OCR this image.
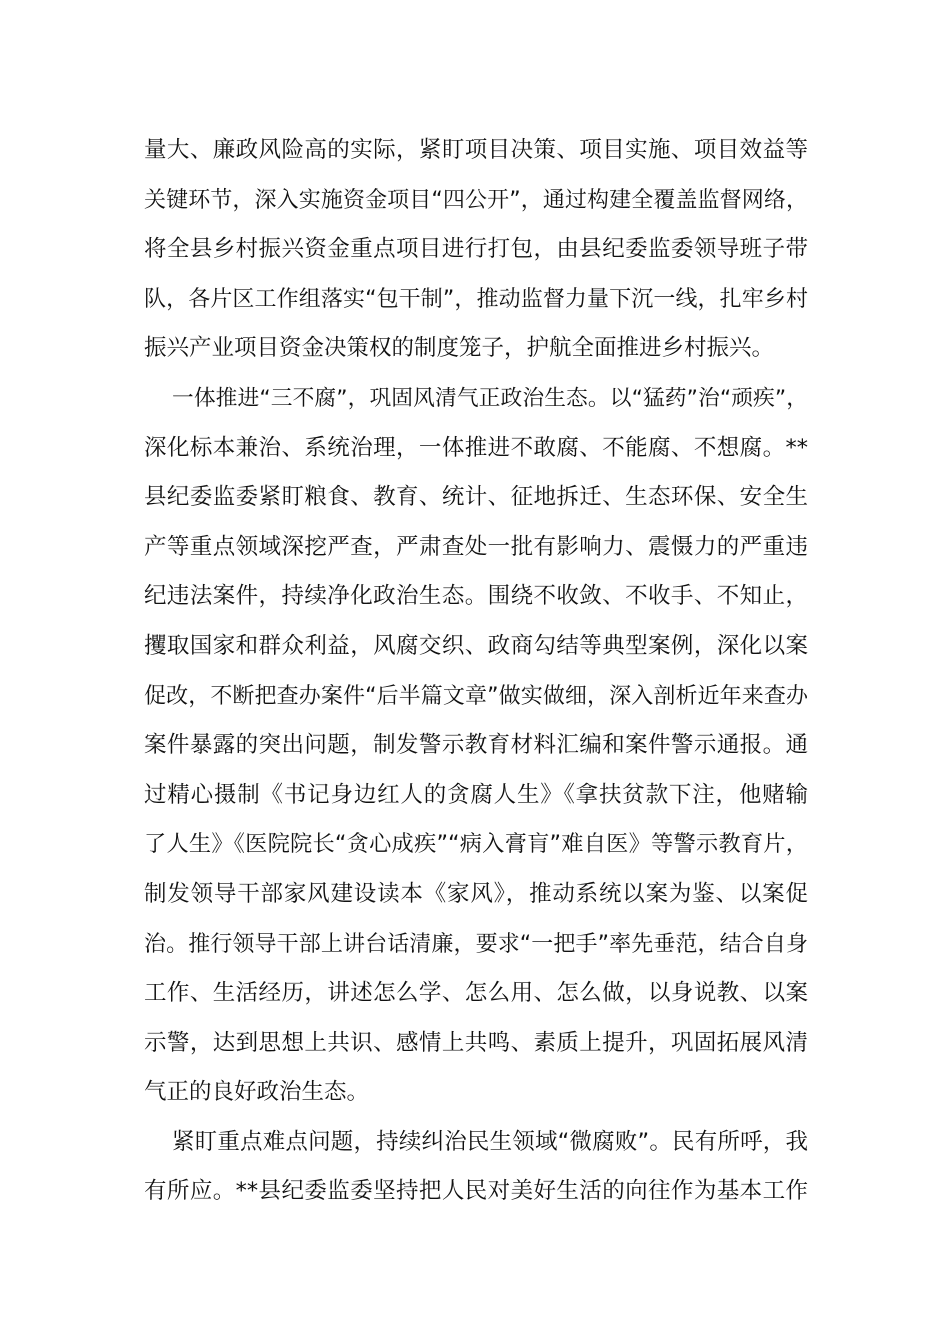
量大、廉政风险高的实际，紧盯项目决策、项目实施、项目效益等
关键环节，深入实施资金项目“四公开”，通过构建全覆盖监督网络，
将全县乡村振兴资金重点项目进行打包，由县纪委监委领导班子带
队，各片区工作组落实“包干制”，推动监督力量下沉一线，扎牢乡村
振兴产业项目资金决策权的制度笼子，护航全面推进乡村振兴。
一体推进“三不腐”，巩固风清气正政治生态。以“猛药”治“顽疾”，
深化标本兼治、系统治理，一体推进不敢腐、不能腐、不想腐。**
县纪委监委紧盯粮食、教育、统计、征地拆迁、生态环保、安全生
产等重点领域深挖严查，严肃查处一批有影响力、震慑力的严重违
纪违法案件，持续净化政治生态。围绕不收敛、不收手、不知止，
攫取国家和群众利益，风腐交织、政商勾结等典型案例，深化以案
促改，不断把查办案件“后半篇文章”做实做细，深入剖析近年来查办
案件暴露的突出问题，制发警示教育材料汇编和案件警示通报。通
过精心摄制《书记身边红人的贪腐人生》《拿扶贫款下注，他赌输
了人生》《医院院长“贪心成疾”“病入膏肓”难自医》等警示教育片，
制发领导干部家风建设读本《家风》，推动系统以案为鉴、以案促
治。推行领导干部上讲台话清廉，要求“一把手”率先垂范，结合自身
工作、生活经历，讲述怎么学、怎么用、怎么做，以身说教、以案
示警，达到思想上共识、感情上共鸣、素质上提升，巩固拓展风清
气正的良好政治生态。
紧盯重点难点问题，持续纠治民生领域“微腐败”。民有所呼，我
有所应。**县纪委监委坚持把人民对美好生活的向往作为基本工作
